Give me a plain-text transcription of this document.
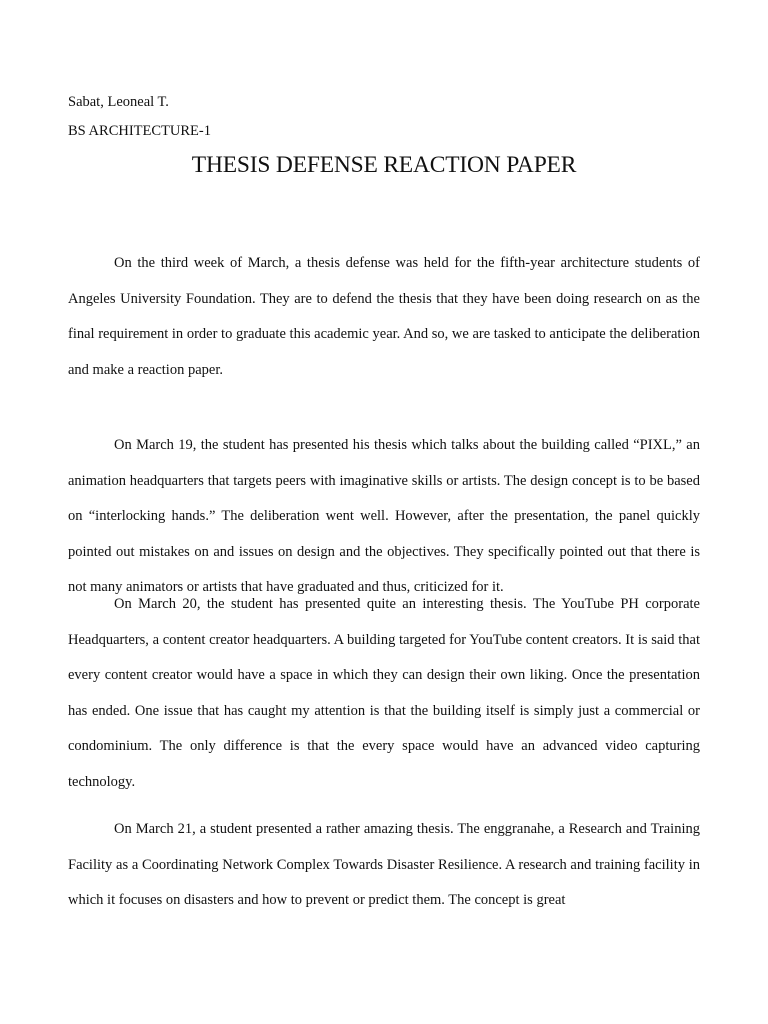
Sabat, Leoneal T.

BS ARCHITECTURE-1

THESIS DEFENSE REACTION PAPER

On the third week of March, a thesis defense was held for the fifth-year architecture students of Angeles University Foundation. They are to defend the thesis that they have been doing research on as the final requirement in order to graduate this academic year. And so, we are tasked to anticipate the deliberation and make a reaction paper.

On March 19, the student has presented his thesis which talks about the building called “PIXL,” an animation headquarters that targets peers with imaginative skills or artists. The design concept is to be based on “interlocking hands.” The deliberation went well. However, after the presentation, the panel quickly pointed out mistakes on and issues on design and the objectives. They specifically pointed out that there is not many animators or artists that have graduated and thus, criticized for it.

On March 20, the student has presented quite an interesting thesis. The YouTube PH corporate Headquarters, a content creator headquarters. A building targeted for YouTube content creators. It is said that every content creator would have a space in which they can design their own liking. Once the presentation has ended. One issue that has caught my attention is that the building itself is simply just a commercial or condominium. The only difference is that the every space would have an advanced video capturing technology.

On March 21, a student presented a rather amazing thesis. The enggranahe, a Research and Training Facility as a Coordinating Network Complex Towards Disaster Resilience. A research and training facility in which it focuses on disasters and how to prevent or predict them. The concept is great
